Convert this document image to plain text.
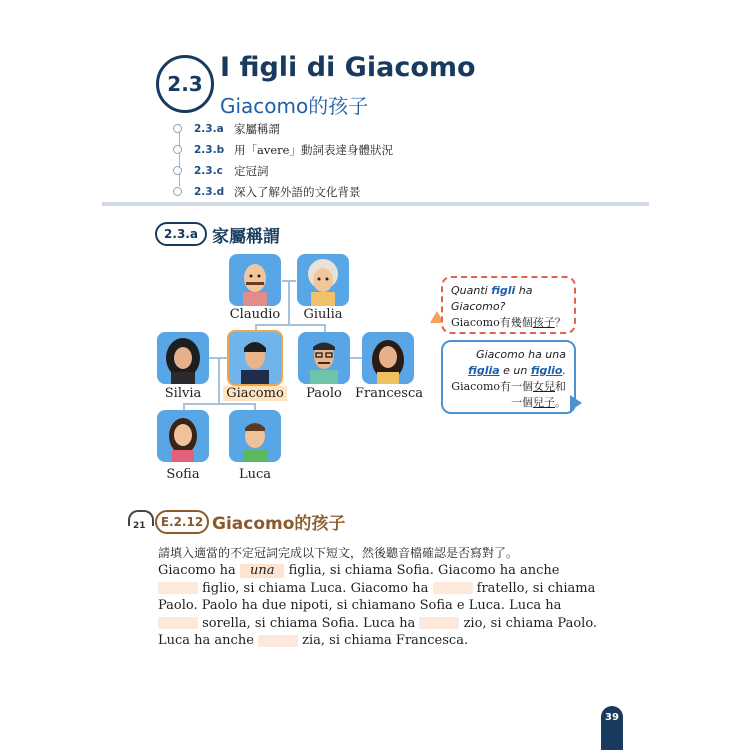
2.3
I figli di Giacomo
Giacomo的孩子
2.3.a 家屬稱謂
2.3.b 用「avere」動詞表達身體狀況
2.3.c 定冠詞
2.3.d 深入了解外語的文化背景
2.3.a 家屬稱謂
Claudio Giulia
Silvia Giacomo Paolo Francesca
Sofia	Luca
Quanti figli ha
Giacomo?
Giacomo有幾個孩子？
Giacomo ha una
figlia e un figlio.
Giacomo有一個女兒和
一個兒子。
21 E.2.12 Giacomo的孩子
請填入適當的不定冠詞完成以下短文，然後聽音檔確認是否寫對了。
Giacomo ha una figlia, si chiama Sofia. Giacomo ha anche  figlio, si chiama Luca. Giacomo ha	fratello, si chiama Paolo. Paolo ha due nipoti, si chiamano Sofia e Luca. Luca ha  sorella, si chiama Sofia. Luca ha	zio, si chiama Paolo. Luca ha anche	zia, si chiama Francesca.
39
